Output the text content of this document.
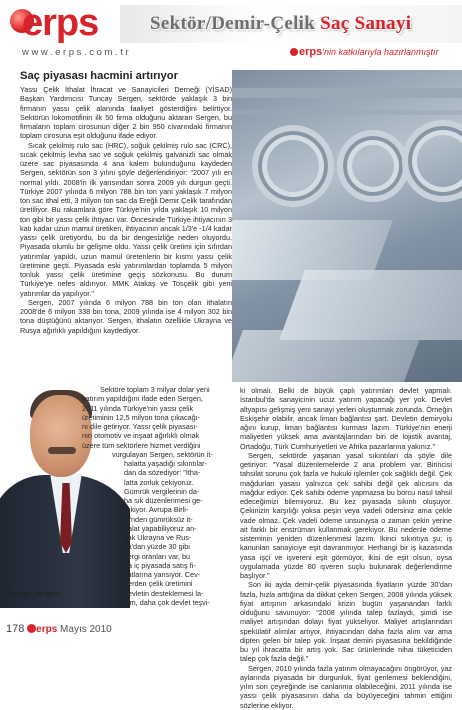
erps	Sektör/Demir-Çelik Saç Sanayi
www.erps.com.tr	erps'nin katkılarıyla hazırlanmıştır
Saç piyasası hacmini artırıyor

Yassı Çelik İthalat İhracat ve Sanayicileri Derneği (YİSAD) Başkan Yardımcısı Tuncay Sergen, sektörde yaklaşık 3 bin firmanın yassı çelik alanında faaliyet gösterdiğini belirtiyor. Sektörün lokomotifinin ilk 50 firma olduğunu aktaran Sergen, bu firmaların toplam cirosunun diğer 2 bin 950 civarındaki firmanın toplam cirosuna eşit olduğunu ifade ediyor.

Sıcak çekilmiş rulo sac (HRC), soğuk çekilmiş rulo sac (CRC), sıcak çekilmiş levha sac ve soğuk çekilmiş galvanizli sac olmak üzere sac piyasasında 4 ana kalem bulunduğunu kaydeden Sergen, sektörün son 3 yılını şöyle değerlendiriyor: "2007 yılı en normal yıldı. 2008'in ilk yarısından sonra 2009 yılı durgun geçti. Türkiye 2007 yılında 6 milyon 788 bin ton yani yaklaşık 7 milyon ton sac ithal etti, 3 milyon ton sac da Ereğli Demir Çelik tarafından üretiliyor. Bu rakamlara göre Türkiye'nin yılda yaklaşık 10 milyon ton gibi bir yassı çelik ihtiyacı var. Öncesinde Türkiye ihtiyacının 3 katı kadar uzun mamul üretiken, ihtiyacının ancak 1/3'e -1/4 kadar yassı çelik üretiyordu, bu da bir dengesizliğe neden oluyordu. Piyasada olumlu bir gelişme oldu. Yassı çelik üretimi için sıfırdan yatırımlar yapıldı, uzun mamul üretenlerin bir kısmı yassı çelik üretimine geçti. Piyasada eski yatırımlardan toplamda 5 milyon tonluk yassı çelik üretimine geçiş sözkonusu. Bu durum Türkiye'ye nefes aldırıyor. MMK Atakaş ve Tosçelik gibi yeni yatırımlar da yapılıyor."

Sergen, 2007 yılında 6 milyon 788 bin ton olan ithalatın 2008'de 6 milyon 338 bin tona, 2009 yılında ise 4 milyon 302 bin tona düştüğünü aktarıyor. Sergen, ithalatın özellikle Ukrayna ve Rusya ağırlıklı yapıldığını kaydediyor.

Tuncay Sergen
Sektöre toplam 3 milyar dolar yeni
yatırım yapıldığını ifade eden Sergen,
2011 yılında Türkiye'nin yassı çelik
üretiminin 12,5 milyon tona çıkacağı-
nı dile getiriyor. Yassı çelik piyasası-
nın otomotiv ve inşaat ağırlıklı olmak
üzere tüm sektörlere hizmet verdiğini
vurgulayan Sergen, sektörün it-
halatta yaşadığı sıkıntılar-
dan da sözediyor: "İtha-
latta zorluk çekiyoruz.
Gümrük vergilerinin da-
ha sık düzenlenmesi ge-
rekiyor. Avrupa Birli-
ği'nden gümrüksüz it-
halat yapabiliyoruz an-
cak Ukrayna ve Rus-
ya'dan yüzde 30 gibi
vergi oranları var, bu
da iç piyasada satış fi-
yatlarına yansıyor. Cev-
herden çelik üretimini
devletin desteklemesi la-
zım, daha çok devlet teşvi-

ki olmalı. Belki de büyük çaplı yatırımları devlet yapmalı. İstanbul'da sanayicinin ucuz yatırım yapacağı yer yok. Devlet altyapısı gelişmiş yeni sanayi yerleri oluşturmak zorunda. Örneğin Eskişehir olabilir, ancak liman bağlantısı şart. Devletin demiryolu ağını kurup, liman bağlantısı kurması lazım. Türkiye'nin enerji maliyetleri yüksek ama avantajlarından biri de lojistik avantaj, Ortadoğu, Türk Cumhuriyetleri ve Afrika pazarlarına yakınız."

Sergen, sektörde yaşanan yasal sıkıntıları da şöyle dile getiriyor: "Yasal düzenlemelerde 2 ana problem var. Birincisi tahsilat sorunu çok fazla ve hukuki işlemler çok sağlıklı değil. Çek mağdurları yasası yalnızca çek sahibi değil çek alıcısını da mağdur ediyor. Çek sahibi ödeme yapmazsa bu borcu nasıl tahsil edeceğimizi bilemiyoruz. Bu kez piyasada sıkıntı oluşuyor. Çekinizin karşılığı yoksa peşin veya vadeli ödersiniz ama çekle vade olmaz. Çek vadeli ödeme unsuruysa o zaman çekin yerine ait farklı bir enstrüman kullanmak gerekiyor. Bu nedenle ödeme sisteminin yeniden düzenlenmesi lazım. İkinci sıkıntıya şu; iş kanunları sanayiciye eşit davranmıyor. Herhangi bir iş kazasında yasa işçi ve işvereni eşit görmüyor, ikisi de eşit olsun, oysa uygulamada yüzde 80 işveren suçlu bulunarak değerlendirme başlıyor."

Son iki ayda demir-çelik piyasasında fiyatların yüzde 30'dan fazla, hızla arttığına da dikkat çeken Sergen, 2008 yılında yüksek fiyat artışının arkasındaki krizin bugün yaşanandan farklı olduğunu savunuyor: "2008 yılında talep fazlaydı, şimdi ise maliyet artışından dolayı fiyat yükseliyor. Maliyet artışlarından spekülatif alımlar artıyor, ihtiyacından daha fazla alım var ama dipten gelen bir talep yok. İnşaat demiri piyasasına bekildiğinde bu yıl ihracatta bir artış yok. Sac ürünlerinde nihai tüketiciden talep çok fazla değil."

Sergen, 2010 yılında fazla yatırım olmayacağını öngörüyor, yaz aylarında piyasada bir durgunluk, fiyat gerilemesi beklendiğini, yılın son çeyreğinde ise canlanma olabileceğini, 2011 yılında ise yassı çelik piyasasının daha da büyüyeceğini tahmin ettiğini sözlerine ekliyor.

178 erps Mayıs 2010
